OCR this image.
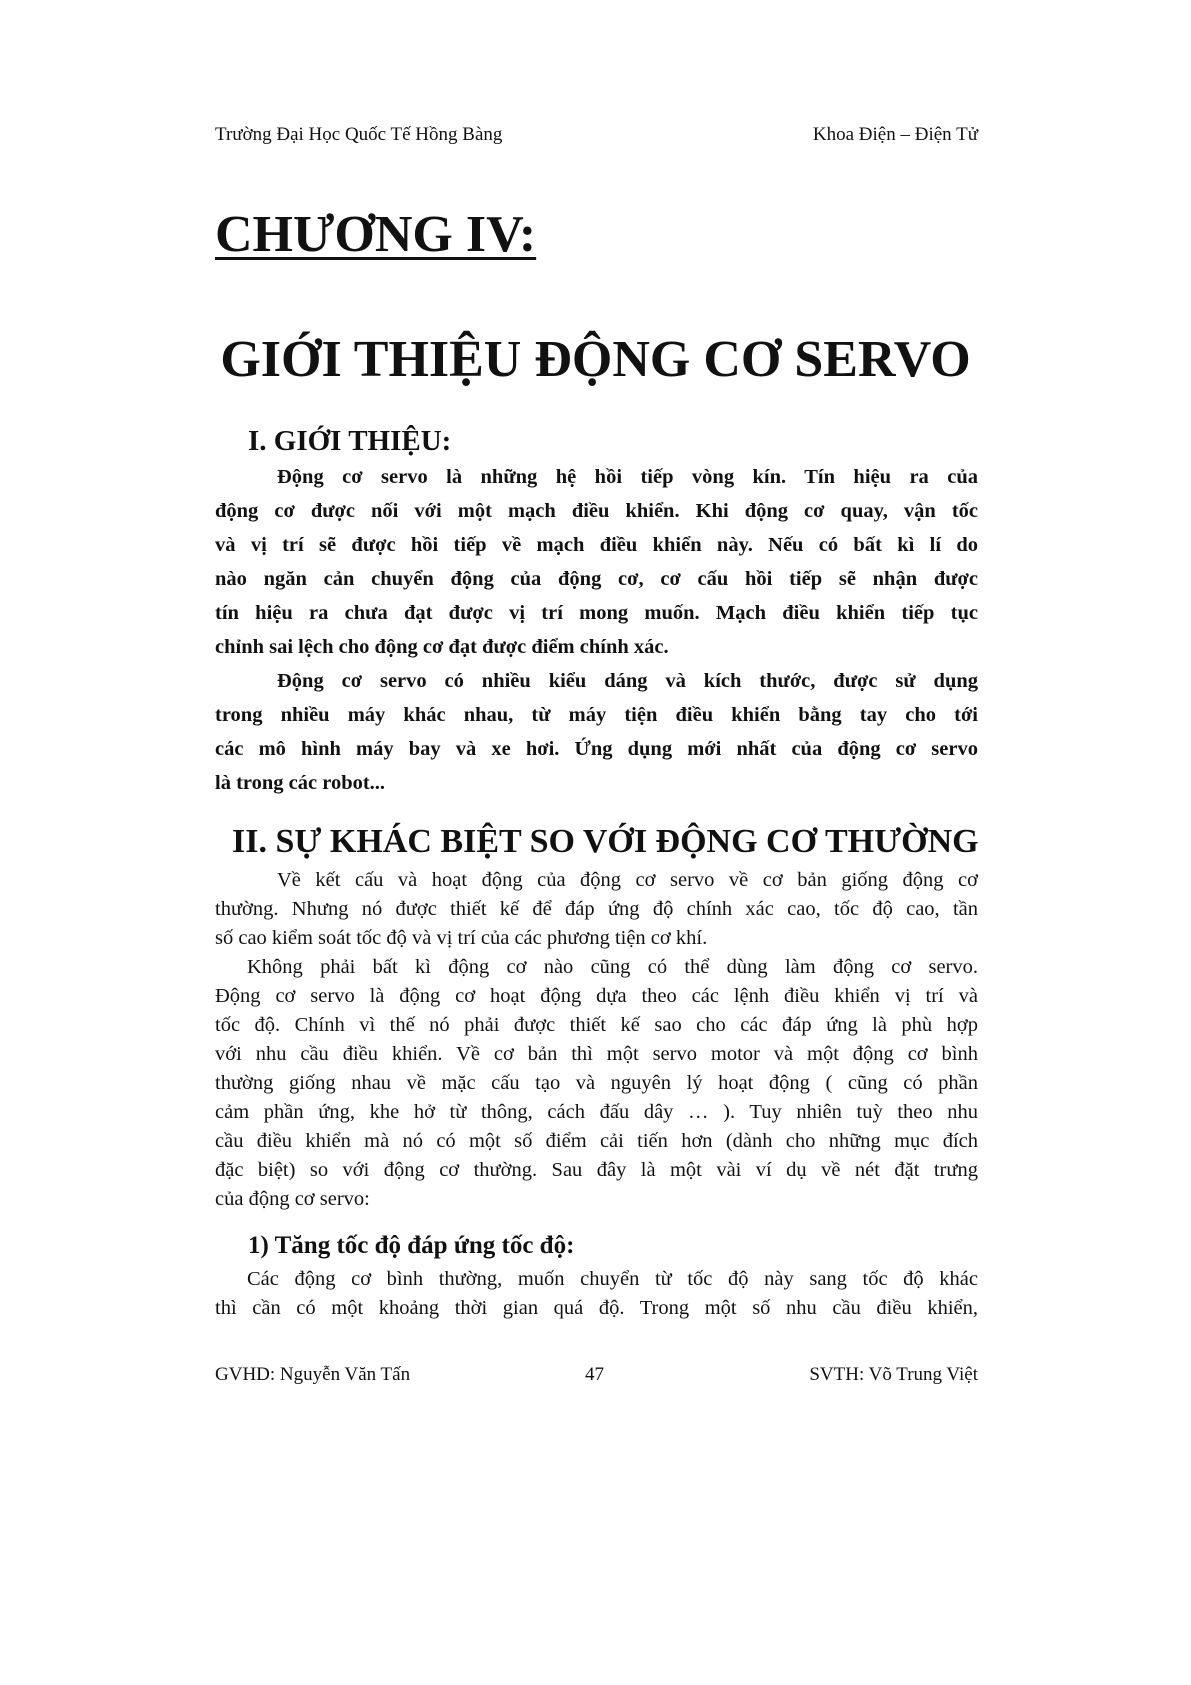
Trường Đại Học Quốc Tế Hồng Bàng	Khoa Điện – Điện Tử
CHƯƠNG IV:
GIỚI THIỆU ĐỘNG CƠ SERVO
I. GIỚI THIỆU:
Động cơ servo là những hệ hồi tiếp vòng kín. Tín hiệu ra của
động cơ được nối với một mạch điều khiển. Khi động cơ quay, vận tốc
và vị trí sẽ được hồi tiếp về mạch điều khiển này. Nếu có bất kì lí do
nào ngăn cản chuyển động của động cơ, cơ cấu hồi tiếp sẽ nhận được
tín hiệu ra chưa đạt được vị trí mong muốn. Mạch điều khiển tiếp tục
chỉnh sai lệch cho động cơ đạt được điểm chính xác.
Động cơ servo có nhiều kiểu dáng và kích thước, được sử dụng
trong nhiều máy khác nhau, từ máy tiện điều khiển bằng tay cho tới
các mô hình máy bay và xe hơi. Ứng dụng mới nhất của động cơ servo
là trong các robot...
II. SỰ KHÁC BIỆT SO VỚI ĐỘNG CƠ THƯỜNG
Về kết cấu và hoạt động của động cơ servo về cơ bản giống động cơ
thường. Nhưng nó được thiết kế để đáp ứng độ chính xác cao, tốc độ cao, tần
số cao kiểm soát tốc độ và vị trí của các phương tiện cơ khí.
Không phải bất kì động cơ nào cũng có thể dùng làm động cơ servo.
Động cơ servo là động cơ hoạt động dựa theo các lệnh điều khiển vị trí và
tốc độ. Chính vì thế nó phải được thiết kế sao cho các đáp ứng là phù hợp
với nhu cầu điều khiển. Về cơ bản thì một servo motor và một động cơ bình
thường giống nhau về mặc cấu tạo và nguyên lý hoạt động ( cũng có phần
cảm phần ứng, khe hở từ thông, cách đấu dây … ). Tuy nhiên tuỳ theo nhu
cầu điều khiển mà nó có một số điểm cải tiến hơn (dành cho những mục đích
đặc biệt) so với động cơ thường. Sau đây là một vài ví dụ về nét đặt trưng
của động cơ servo:
1) Tăng tốc độ đáp ứng tốc độ:
Các động cơ bình thường, muốn chuyển từ tốc độ này sang tốc độ khác
thì cần có một khoảng thời gian quá độ. Trong một số nhu cầu điều khiển,
GVHD: Nguyễn Văn Tấn	47	SVTH: Võ Trung Việt
